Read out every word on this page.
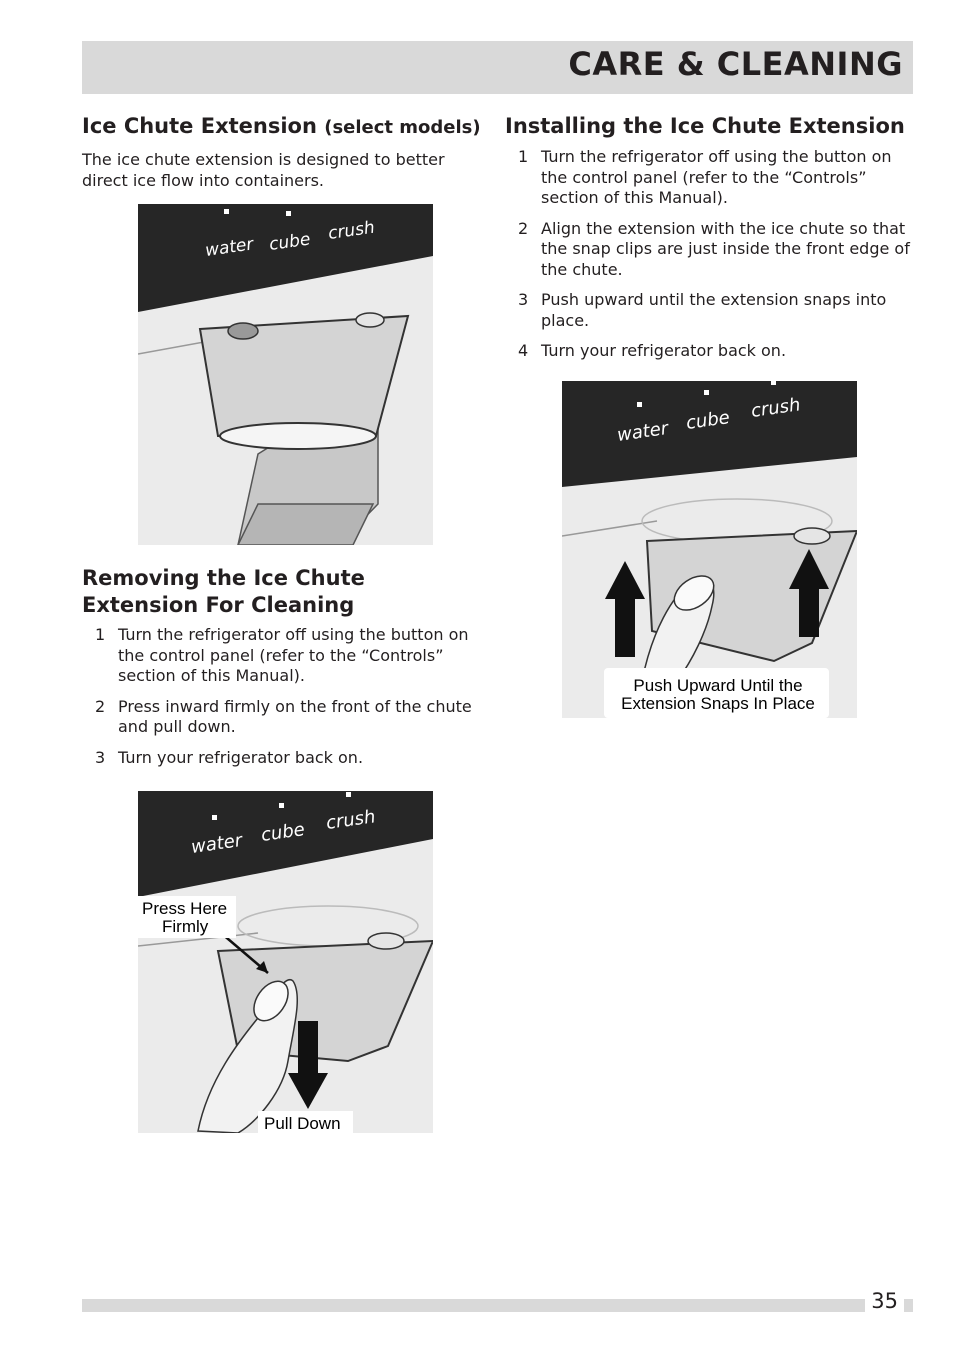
CARE & CLEANING
Ice Chute Extension (select models)

The ice chute extension is designed to better direct ice flow into containers.

water cube crush
Removing the Ice Chute Extension For Cleaning
1 Turn the refrigerator off using the button on the control panel (refer to the “Controls” section of this Manual).
2 Press inward firmly on the front of the chute and pull down.
3 Turn your refrigerator back on.
water cube crush
Press Here
Firmly
Pull Down
Installing the Ice Chute Extension
1 Turn the refrigerator off using the button on the control panel (refer to the “Controls” section of this Manual).
2 Align the extension with the ice chute so that the snap clips are just inside the front edge of the chute.
3 Push upward until the extension snaps into place.
4 Turn your refrigerator back on.
water cube crush
Push Upward Until the
Extension Snaps In Place
35
